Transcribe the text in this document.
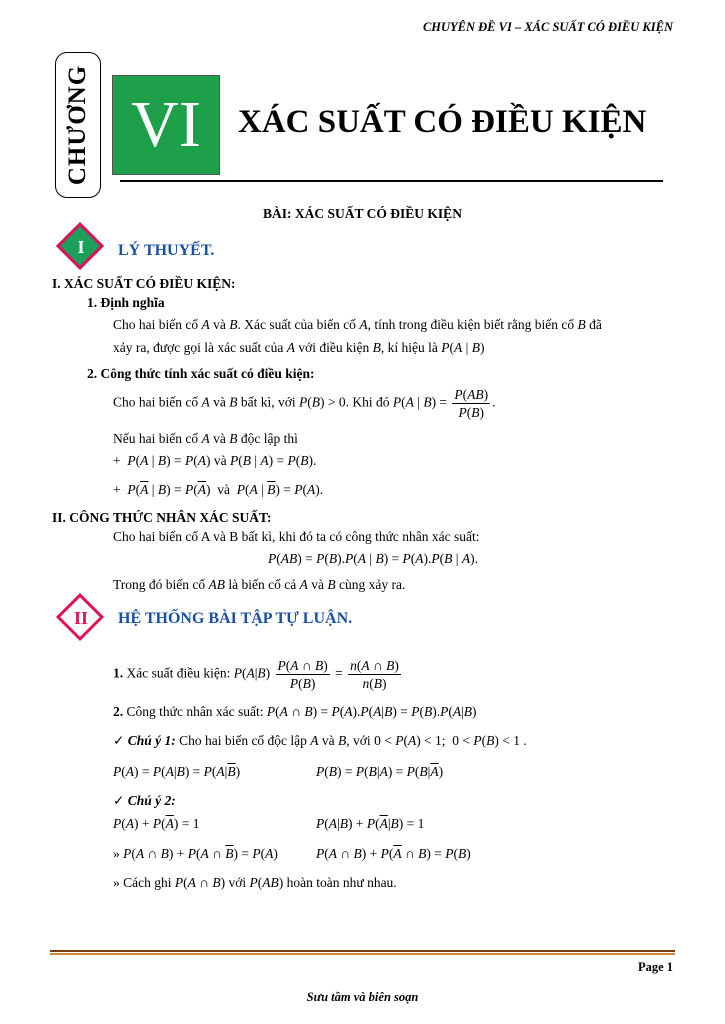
CHUYÊN ĐỀ VI – XÁC SUẤT CÓ ĐIỀU KIỆN
CHƯƠNG VI	XÁC SUẤT CÓ ĐIỀU KIỆN
BÀI: XÁC SUẤT CÓ ĐIỀU KIỆN
I	LÝ THUYẾT.
I. XÁC SUẤT CÓ ĐIỀU KIỆN:
1. Định nghĩa
Cho hai biến cố A và B. Xác suất của biến cố A, tính trong điều kiện biết rằng biến cố B đã
xảy ra, được gọi là xác suất của A với điều kiện B, kí hiệu là P(A | B)
2. Công thức tính xác suất có điều kiện:
Cho hai biến cố A và B bất kì, với P(B) > 0. Khi đó P(A | $B) = \frac{P(AB)}{P(B)}$ .
Nếu hai biến cố A và B độc lập thì
+ P(A | B) = P(A) và P(B | A) = P(B).
+ $P(\overline{A}$ | $B) = P(\overline{A})$  và P(A | $\overline{B}) = P(A)$.
II. CÔNG THỨC NHÂN XÁC SUẤT:
Cho hai biến cố A và B bất kì, khi đó ta có công thức nhân xác suất:
P(AB) = P(B).P(A | B) = P(A).P(B | A).
Trong đó biến cố AB là biến cố cả A và B cùng xảy ra.
II	HỆ THỐNG BÀI TẬP TỰ LUẬN.
1. Xác suất điều kiện: $P(A|B) \frac{P(A \cap B)}{P(B)} = \frac{n(A \cap B)}{n(B)}$
2. Công thức nhân xác suất: P(A ∩ B) = P(A).P(A|B) = P(B).P(A|B)
✓ Chú ý 1: Cho hai biến cố độc lập A và B, với 0 < P(A) < 1;  0 < P(B) < 1 .
$P(A) = P(A|B) = P(A|\overline{B})$	$P(B) = P(B|A) = P(B|\overline{A})$
✓ Chú ý 2:
$P(A) + P(\overline{A}) = 1$	$P(A|B) + P(\overline{A}|B) = 1$
» P(A ∩ B) + P(A ∩ $\overline{B}) = P(A)$	P(A ∩ $B) + P(\overline{A}$ ∩ B) = P(B)
» Cách ghi P(A ∩ B) với P(AB) hoàn toàn như nhau.
Page 1
Sưu tầm và biên soạn
